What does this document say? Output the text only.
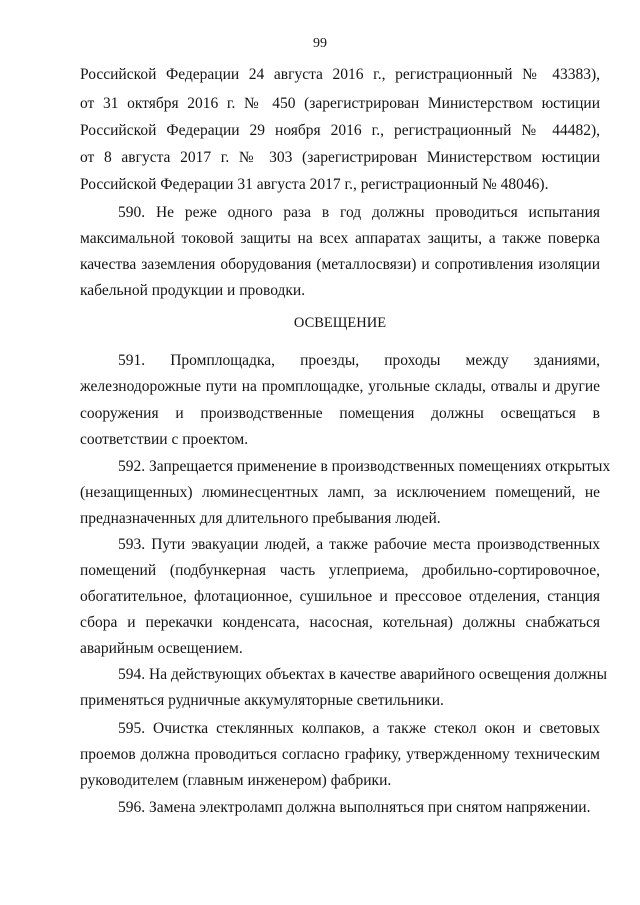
99
Российской Федерации 24 августа 2016 г., регистрационный № 43383),
от 31 октября 2016 г. № 450 (зарегистрирован Министерством юстиции
Российской Федерации 29 ноября 2016 г., регистрационный № 44482),
от 8 августа 2017 г. № 303 (зарегистрирован Министерством юстиции
Российской Федерации 31 августа 2017 г., регистрационный № 48046).
590. Не реже одного раза в год должны проводиться испытания
максимальной токовой защиты на всех аппаратах защиты, а также поверка
качества заземления оборудования (металлосвязи) и сопротивления изоляции
кабельной продукции и проводки.
ОСВЕЩЕНИЕ
591. Промплощадка, проезды, проходы между зданиями,
железнодорожные пути на промплощадке, угольные склады, отвалы и другие
сооружения и производственные помещения должны освещаться в
соответствии с проектом.
592. Запрещается применение в производственных помещениях открытых
(незащищенных) люминесцентных ламп, за исключением помещений, не
предназначенных для длительного пребывания людей.
593. Пути эвакуации людей, а также рабочие места производственных
помещений (подбункерная часть углеприема, дробильно-сортировочное,
обогатительное, флотационное, сушильное и прессовое отделения, станция
сбора и перекачки конденсата, насосная, котельная) должны снабжаться
аварийным освещением.
594. На действующих объектах в качестве аварийного освещения должны
применяться рудничные аккумуляторные светильники.
595. Очистка стеклянных колпаков, а также стекол окон и световых
проемов должна проводиться согласно графику, утвержденному техническим
руководителем (главным инженером) фабрики.
596. Замена электроламп должна выполняться при снятом напряжении.
